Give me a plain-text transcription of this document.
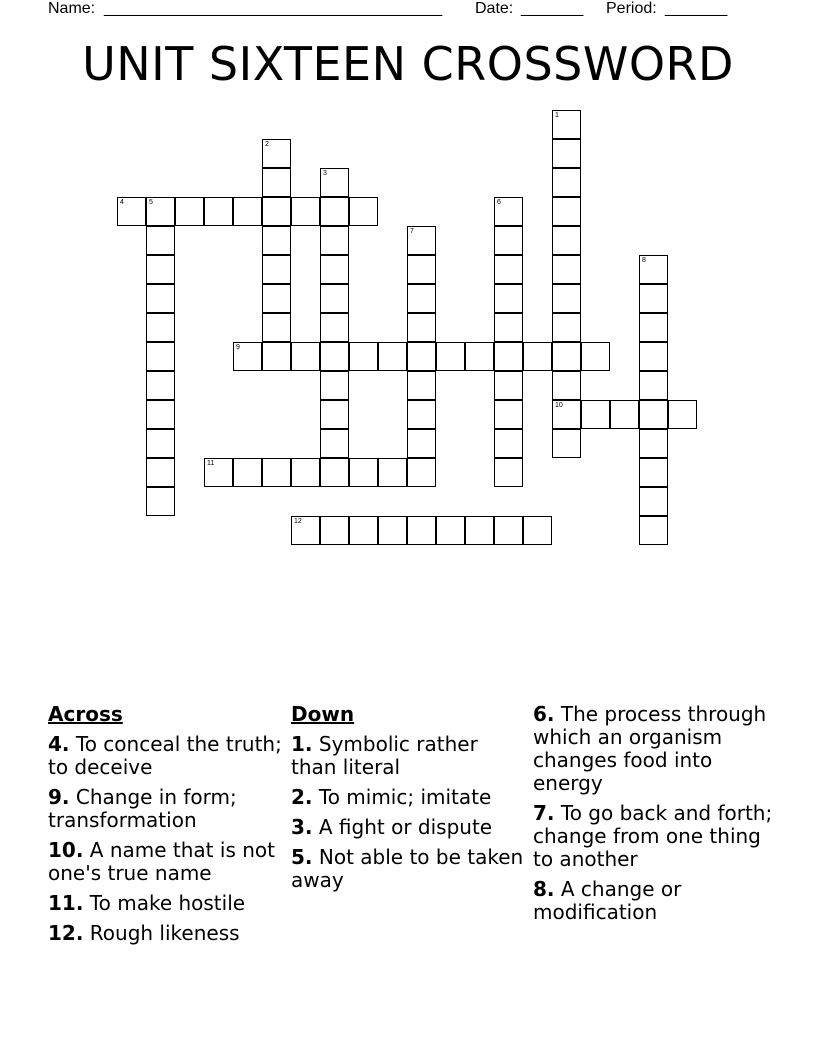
Name: ______________________________________ Date: _______ Period: _______
UNIT SIXTEEN CROSSWORD
1
10
2
3
4	5	6
7
8
9
11
12
Across
4. To conceal the truth; to deceive
9. Change in form; transformation
10. A name that is not one's true name
11. To make hostile
12. Rough likeness
Down
1. Symbolic rather than literal
2. To mimic; imitate
3. A fight or dispute
5. Not able to be taken away
6. The process through which an organism changes food into energy
7. To go back and forth; change from one thing to another
8. A change or modification
